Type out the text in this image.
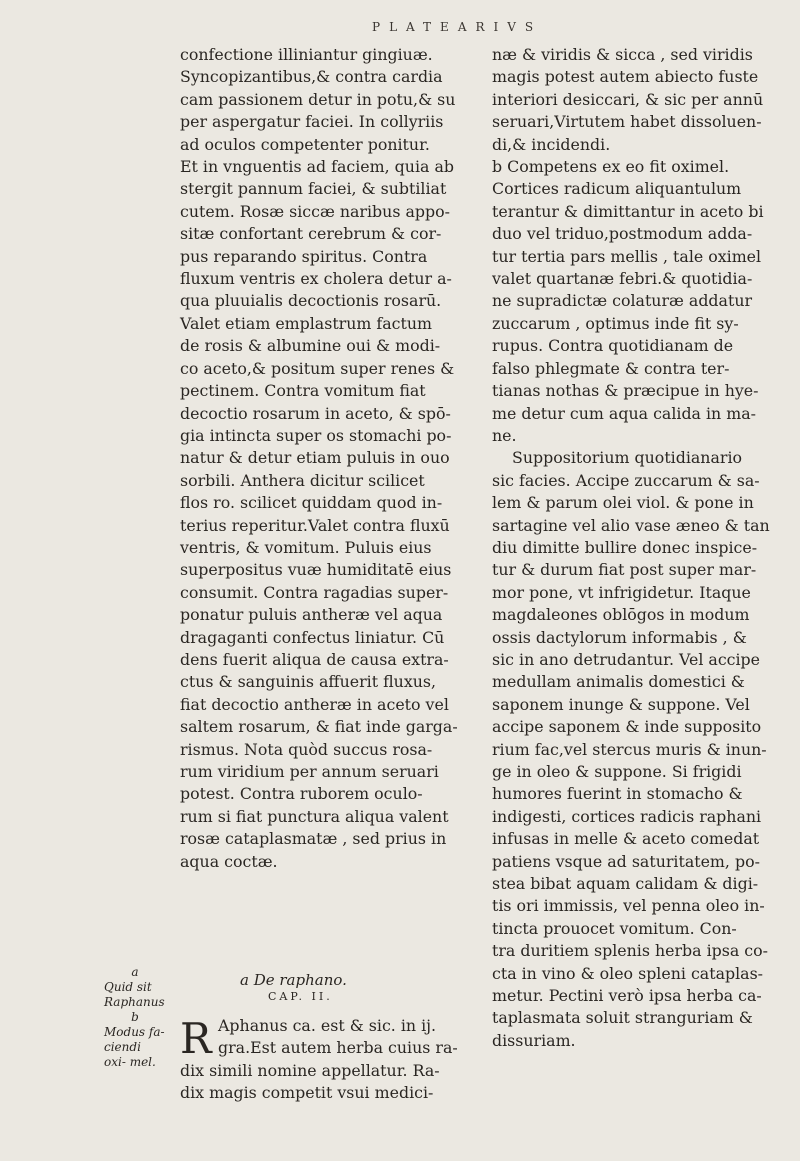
PLATEARIVS
confectione illiniantur gingiuæ.
Syncopizantibus,& contra cardia
cam passionem detur in potu,& su
per aspergatur faciei. In collyriis
ad oculos competenter ponitur.
Et in vnguentis ad faciem, quia ab
stergit pannum faciei, & subtiliat
cutem. Rosæ siccæ naribus appo-
sitæ confortant cerebrum & cor-
pus reparando spiritus. Contra
fluxum ventris ex cholera detur a-
qua pluuialis decoctionis rosarū.
Valet etiam emplastrum factum
de rosis & albumine oui & modi-
co aceto,& positum super renes &
pectinem. Contra vomitum fiat
decoctio rosarum in aceto, & spō-
gia intincta super os stomachi po-
natur & detur etiam puluis in ouo
sorbili. Anthera dicitur scilicet
flos ro. scilicet quiddam quod in-
terius reperitur.Valet contra fluxū
ventris, & vomitum. Puluis eius
superpositus vuæ humiditatē eius
consumit. Contra ragadias super-
ponatur puluis antheræ vel aqua
dragaganti confectus liniatur. Cū
dens fuerit aliqua de causa extra-
ctus & sanguinis affuerit fluxus,
fiat decoctio antheræ in aceto vel
saltem rosarum, & fiat inde garga-
rismus. Nota quòd succus rosa-
rum viridium per annum seruari
potest. Contra ruborem oculo-
rum si fiat punctura aliqua valent
rosæ cataplasmatæ , sed prius in
aqua coctæ.
næ & viridis & sicca , sed viridis
magis potest autem abiecto fuste
interiori desiccari, & sic per annū
seruari,Virtutem habet dissoluen-
di,& incidendi.
b Competens ex eo fit oximel.
Cortices radicum aliquantulum
terantur & dimittantur in aceto bi
duo vel triduo,postmodum adda-
tur tertia pars mellis , tale oximel
valet quartanæ febri.& quotidia-
ne supradictæ colaturæ addatur
zuccarum , optimus inde fit sy-
rupus. Contra quotidianam de
falso phlegmate & contra ter-
tianas nothas & præcipue in hye-
me detur cum aqua calida in ma-
ne.
Suppositorium quotidianario
sic facies. Accipe zuccarum & sa-
lem & parum olei viol. & pone in
sartagine vel alio vase æneo & tan
diu dimitte bullire donec inspice-
tur & durum fiat post super mar-
mor pone, vt infrigidetur. Itaque
magdaleones oblōgos in modum
ossis dactylorum informabis , &
sic in ano detrudantur. Vel accipe
medullam animalis domestici &
saponem inunge & suppone. Vel
accipe saponem & inde supposito
rium fac,vel stercus muris & inun-
ge in oleo & suppone. Si frigidi
humores fuerint in stomacho &
indigesti, cortices radicis raphani
infusas in melle & aceto comedat
patiens vsque ad saturitatem, po-
stea bibat aquam calidam & digi-
tis ori immissis, vel penna oleo in-
tincta prouocet vomitum. Con-
tra duritiem splenis herba ipsa co-
cta in vino & oleo spleni cataplas-
metur. Pectini verò ipsa herba ca-
taplasmata soluit stranguriam &
dissuriam.
a
Quid sit Raphanus
b
Modus fa- ciendi oxi- mel.
a De raphano.
CAP. II.
R Aphanus ca. est & sic. in ij.
gra.Est autem herba cuius ra-
dix simili nomine appellatur. Ra-
dix magis competit vsui medici-
